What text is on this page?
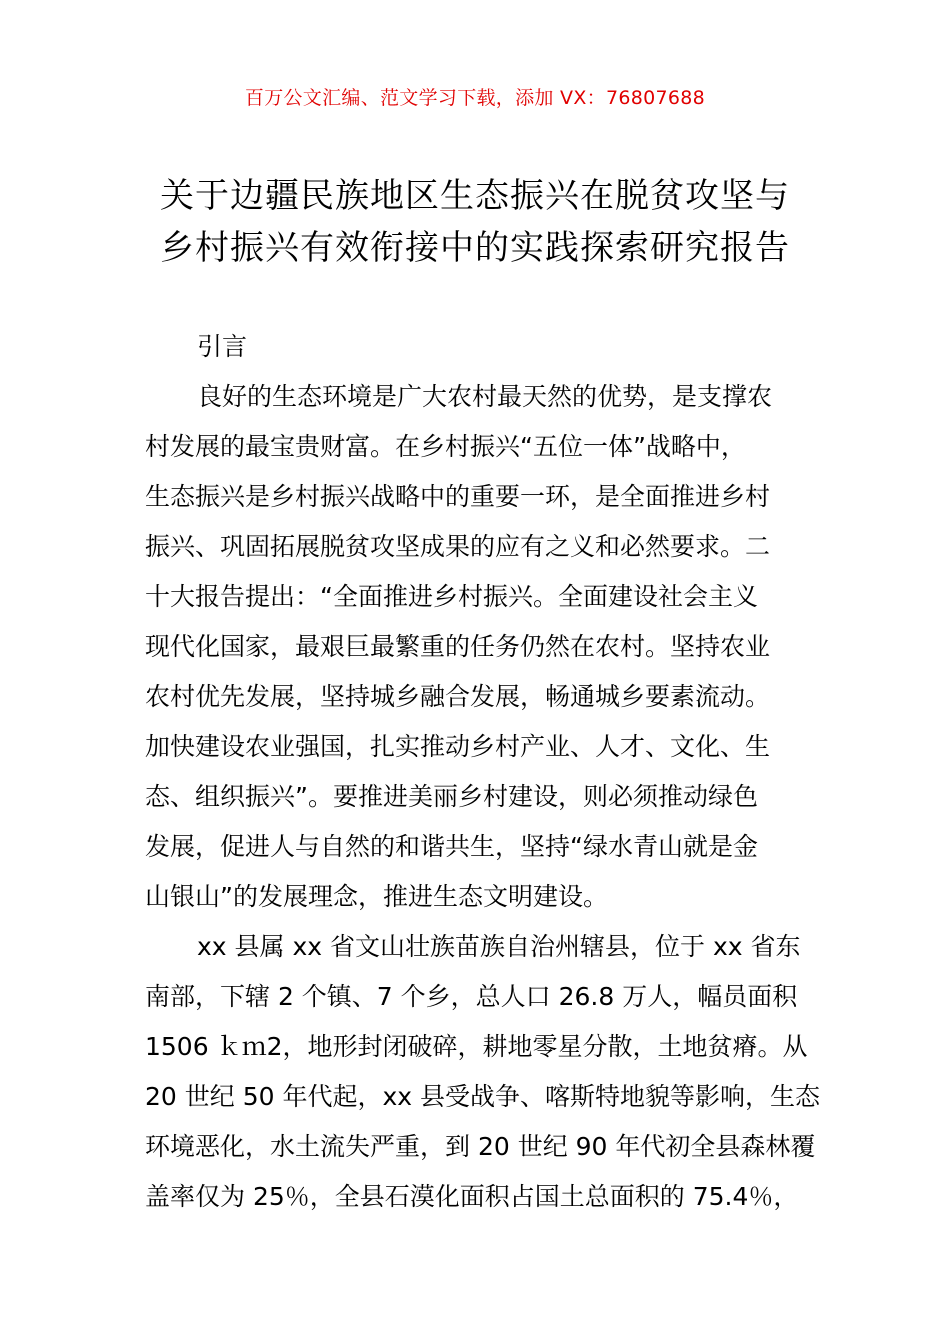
百万公文汇编、范文学习下载，添加 VX：76807688
关于边疆民族地区生态振兴在脱贫攻坚与
乡村振兴有效衔接中的实践探索研究报告
引言
良好的生态环境是广大农村最天然的优势，是支撑农
村发展的最宝贵财富。在乡村振兴“五位一体”战略中，
生态振兴是乡村振兴战略中的重要一环，是全面推进乡村
振兴、巩固拓展脱贫攻坚成果的应有之义和必然要求。二
十大报告提出：“全面推进乡村振兴。全面建设社会主义
现代化国家，最艰巨最繁重的任务仍然在农村。坚持农业
农村优先发展，坚持城乡融合发展，畅通城乡要素流动。
加快建设农业强国，扎实推动乡村产业、人才、文化、生
态、组织振兴”。要推进美丽乡村建设，则必须推动绿色
发展，促进人与自然的和谐共生，坚持“绿水青山就是金
山银山”的发展理念，推进生态文明建设。
xx 县属 xx 省文山壮族苗族自治州辖县，位于 xx 省东
南部，下辖 2 个镇、7 个乡，总人口 26.8 万人，幅员面积
1506 ｋｍ2，地形封闭破碎，耕地零星分散，土地贫瘠。从
20 世纪 50 年代起，xx 县受战争、喀斯特地貌等影响，生态
环境恶化，水土流失严重，到 20 世纪 90 年代初全县森林覆
盖率仅为 25％，全县石漠化面积占国土总面积的 75.4％，
